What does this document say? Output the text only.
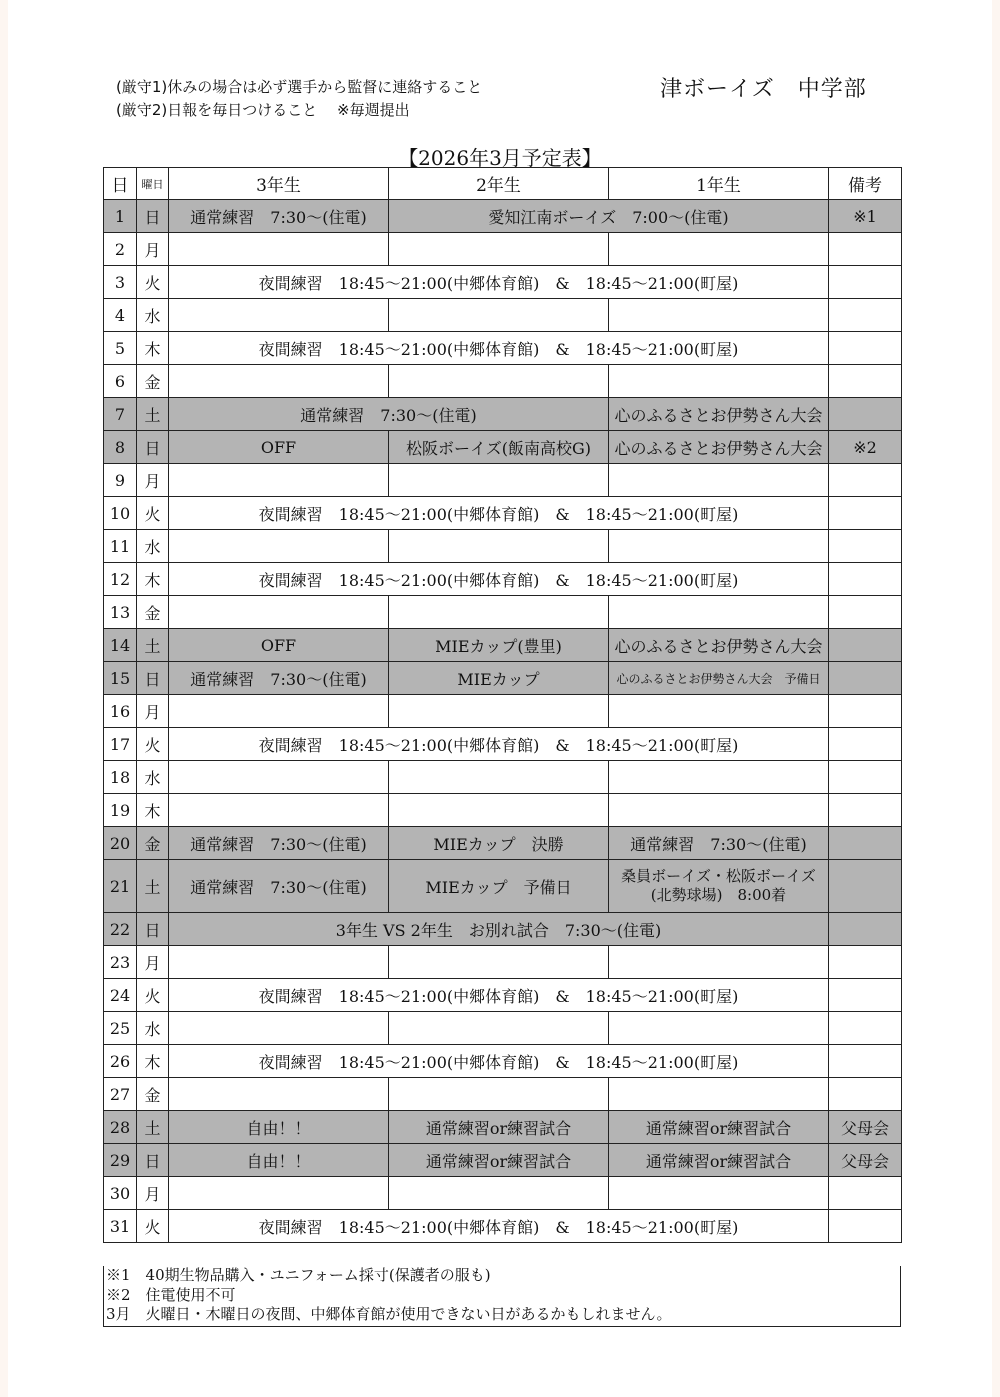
(厳守1)休みの場合は必ず選手から監督に連絡すること
(厳守2)日報を毎日つけること　 ※毎週提出
津ボーイズ　中学部
【2026年3月予定表】
日	曜日	3年生	2年生	1年生	備考
1	日	通常練習　7:30～(住電)	愛知江南ボーイズ　7:00～(住電)		※1
2	月				
3	火	夜間練習　18:45～21:00(中郷体育館)　&　18:45～21:00(町屋)			
4	水				
5	木	夜間練習　18:45～21:00(中郷体育館)　&　18:45～21:00(町屋)			
6	金				
7	土	通常練習　7:30～(住電)		心のふるさとお伊勢さん大会	
8	日	OFF	松阪ボーイズ(飯南高校G)	心のふるさとお伊勢さん大会	※2
9	月				
10	火	夜間練習　18:45～21:00(中郷体育館)　&　18:45～21:00(町屋)			
11	水				
12	木	夜間練習　18:45～21:00(中郷体育館)　&　18:45～21:00(町屋)			
13	金				
14	土	OFF	MIEカップ(豊里)	心のふるさとお伊勢さん大会	
15	日	通常練習　7:30～(住電)	MIEカップ	心のふるさとお伊勢さん大会　予備日	
16	月				
17	火	夜間練習　18:45～21:00(中郷体育館)　&　18:45～21:00(町屋)			
18	水				
19	木				
20	金	通常練習　7:30～(住電)	MIEカップ　決勝	通常練習　7:30～(住電)	
21	土	通常練習　7:30～(住電)	MIEカップ　予備日	桑員ボーイズ・松阪ボーイズ
(北勢球場)　8:00着	
22	日	3年生 VS 2年生　お別れ試合　7:30～(住電)			
23	月				
24	火	夜間練習　18:45～21:00(中郷体育館)　&　18:45～21:00(町屋)			
25	水				
26	木	夜間練習　18:45～21:00(中郷体育館)　&　18:45～21:00(町屋)			
27	金				
28	土	自由！！	通常練習or練習試合	通常練習or練習試合	父母会
29	日	自由！！	通常練習or練習試合	通常練習or練習試合	父母会
30	月				
31	火	夜間練習　18:45～21:00(中郷体育館)　&　18:45～21:00(町屋)			
※1　40期生物品購入・ユニフォーム採寸(保護者の服も)
※2　住電使用不可
3月　火曜日・木曜日の夜間、中郷体育館が使用できない日があるかもしれません。
